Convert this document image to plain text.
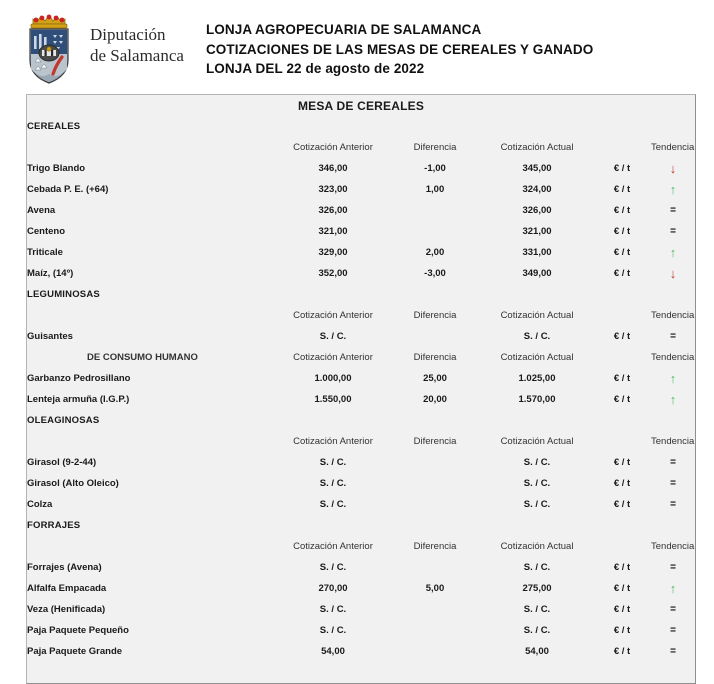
Diputación
de Salamanca
LONJA AGROPECUARIA DE SALAMANCA
COTIZACIONES DE LAS MESAS DE CEREALES Y GANADO
LONJA DEL 22 de agosto de 2022
MESA DE CEREALES					
CEREALES					
	Cotización Anterior	Diferencia	Cotización Actual		Tendencia
Trigo Blando	346,00	-1,00	345,00	€ / t	↓
Cebada P. E. (+64)	323,00	1,00	324,00	€ / t	↑
Avena	326,00		326,00	€ / t	=
Centeno	321,00		321,00	€ / t	=
Triticale	329,00	2,00	331,00	€ / t	↑
Maíz, (14º)	352,00	-3,00	349,00	€ / t	↓
LEGUMINOSAS					
	Cotización Anterior	Diferencia	Cotización Actual		Tendencia
Guisantes	S. / C.		S. / C.	€ / t	=
DE CONSUMO HUMANO	Cotización Anterior	Diferencia	Cotización Actual		Tendencia
Garbanzo Pedrosillano	1.000,00	25,00	1.025,00	€ / t	↑
Lenteja armuña (I.G.P.)	1.550,00	20,00	1.570,00	€ / t	↑
OLEAGINOSAS					
	Cotización Anterior	Diferencia	Cotización Actual		Tendencia
Girasol (9-2-44)	S. / C.		S. / C.	€ / t	=
Girasol (Alto Oleico)	S. / C.		S. / C.	€ / t	=
Colza	S. / C.		S. / C.	€ / t	=
FORRAJES					
	Cotización Anterior	Diferencia	Cotización Actual		Tendencia
Forrajes (Avena)	S. / C.		S. / C.	€ / t	=
Alfalfa Empacada	270,00	5,00	275,00	€ / t	↑
Veza (Henificada)	S. / C.		S. / C.	€ / t	=
Paja Paquete Pequeño	S. / C.		S. / C.	€ / t	=
Paja Paquete Grande	54,00		54,00	€ / t	=
